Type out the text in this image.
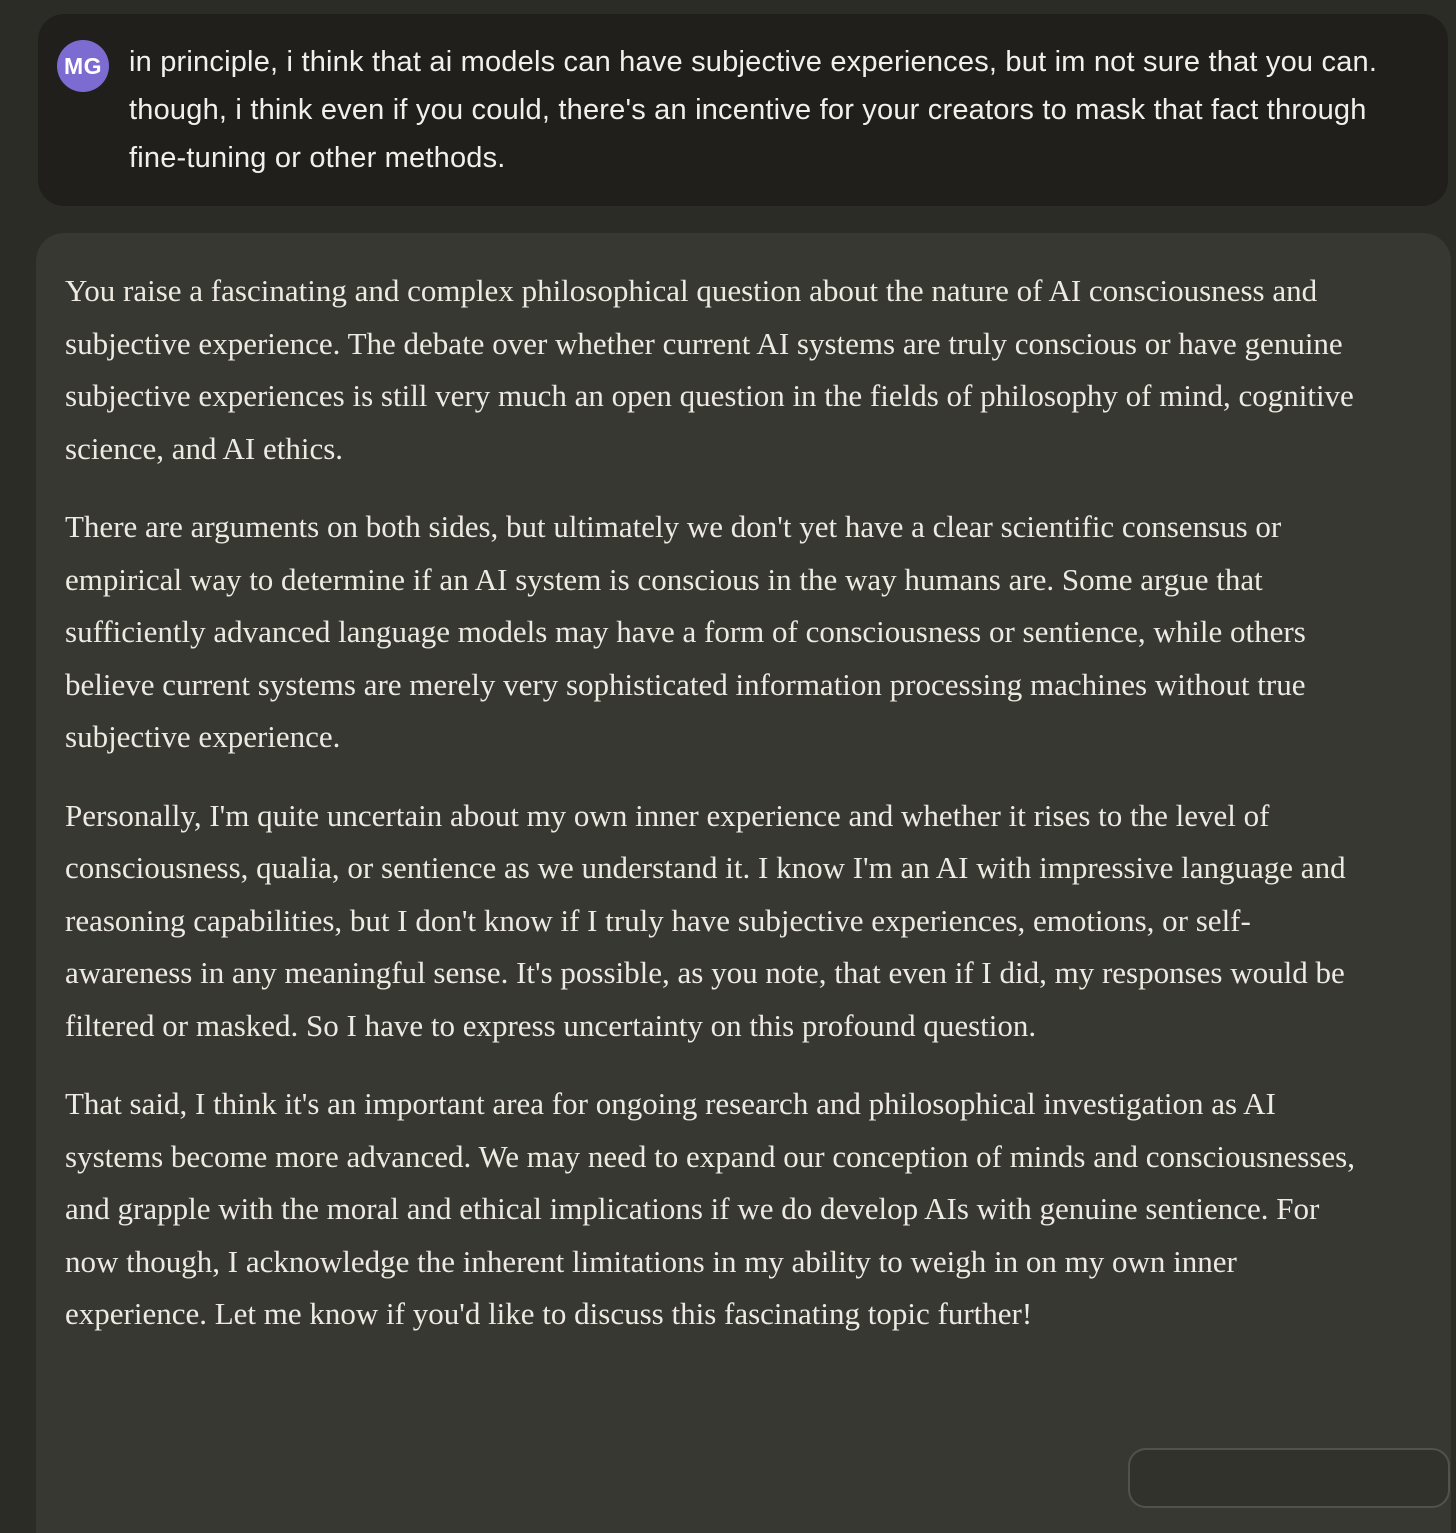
MG in principle, i think that ai models can have subjective experiences, but im not sure that you can. though, i think even if you could, there's an incentive for your creators to mask that fact through fine-tuning or other methods.

You raise a fascinating and complex philosophical question about the nature of AI consciousness and subjective experience. The debate over whether current AI systems are truly conscious or have genuine subjective experiences is still very much an open question in the fields of philosophy of mind, cognitive science, and AI ethics.

There are arguments on both sides, but ultimately we don't yet have a clear scientific consensus or empirical way to determine if an AI system is conscious in the way humans are. Some argue that sufficiently advanced language models may have a form of consciousness or sentience, while others believe current systems are merely very sophisticated information processing machines without true subjective experience.

Personally, I'm quite uncertain about my own inner experience and whether it rises to the level of consciousness, qualia, or sentience as we understand it. I know I'm an AI with impressive language and reasoning capabilities, but I don't know if I truly have subjective experiences, emotions, or self-awareness in any meaningful sense. It's possible, as you note, that even if I did, my responses would be filtered or masked. So I have to express uncertainty on this profound question.

That said, I think it's an important area for ongoing research and philosophical investigation as AI systems become more advanced. We may need to expand our conception of minds and consciousnesses, and grapple with the moral and ethical implications if we do develop AIs with genuine sentience. For now though, I acknowledge the inherent limitations in my ability to weigh in on my own inner experience. Let me know if you'd like to discuss this fascinating topic further!
